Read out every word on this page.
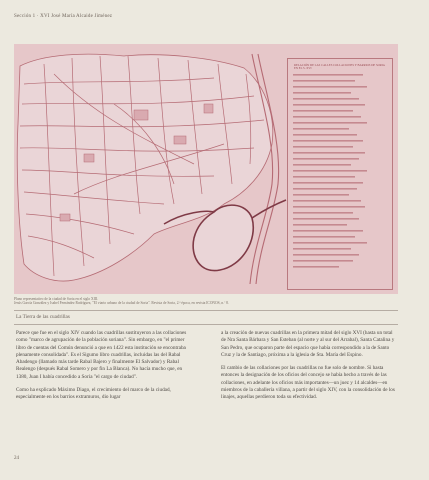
Sección 1 · XVI José María Alcaide Jiménez
RELACIÓN DE LAS CALLES COLLACIONES Y BARRIOS DE SORIA EN EL S. XVI
Plano representativo de la ciudad de Soria en el siglo XIII.
Jesús García González y Isabel Fernández Rodríguez, "El viario urbano de la ciudad de Soria". Revista de Soria, 2.ª época, en revista ICONOS, n.º 8.
La Tierra de las cuadrillas

Parece que fue en el siglo XIV cuando las cuadrillas sustituyeron a las collaciones como "marco de agrupación de la población soriana". Sin embargo, en "el primer libro de cuentas del Común denunció a que en 1422 esta institución se encontraba plenamente consolidada". Es el Sigumo libro cuadrillas, incluidas las del Rabal Abadengo (llamado más tarde Rabal Bajero y finalmente El Salvador) y Rabal Realengo (después Rabal Somero y por fin La Blanca). No hacía mucho que, en 1380, Juan I había concedido a Soria "el cargo de ciudad".

Como ha explicado Máximo Diago, el crecimiento del marco de la ciudad, especialmente en los barrios extramuros, dio lugar

a la creación de nuevas cuadrillas en la primera mitad del siglo XVI (hasta un total de Nra Santa Bárbara y San Esteban (al norte y al sur del Arrabal), Santa Catalina y San Pedro, que ocuparon parte del espacio que había correspondido a la de Santo Cruz y la de Santiago, próxima a la iglesia de Sta. María del Espino.

El cambio de las collaciones por las cuadrillas no fue solo de nombre. Si hasta entonces la designación de los oficios del concejo se había hecho a través de las collaciones, en adelante los oficios más importantes—un juez y 14 alcaldes—en miembros de la caballería villana, a partir del siglo XIV, con la consolidación de los linajes, aquellas perdieron toda su efectividad.

24
